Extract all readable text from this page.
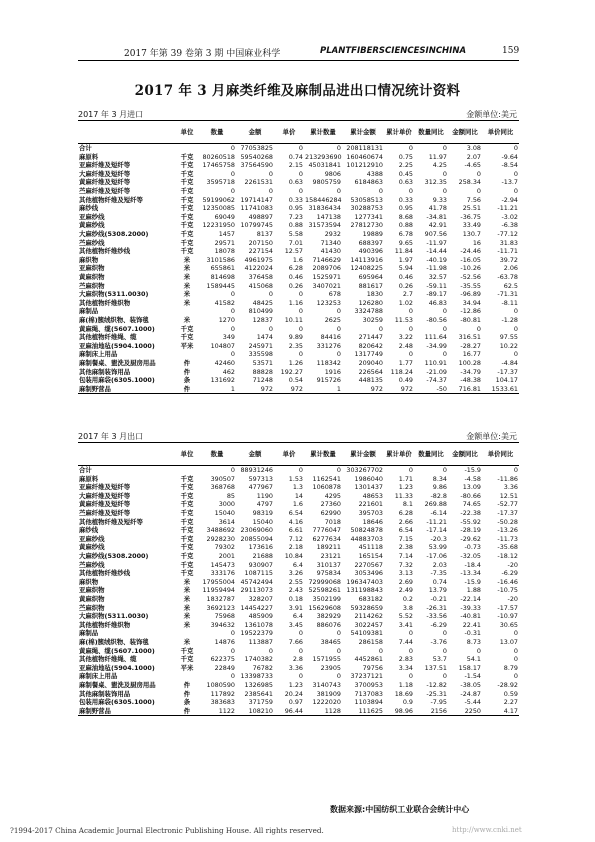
2017 年第 39 卷第 3 期 中国麻业科学	PLANTFIBERSCIENCESINCHINA	159
2017 年 3 月麻类纤维及麻制品进出口情况统计资料
2017 年 3 月进口	金额单位:美元
	单位	数量	金额	单价	累计数量	累计金额	累计单价	数量同比	金额同比	单价同比
合计		0	77053825	0	0	208118131	0	0	3.08	0
麻原料	千克	80260518	59540268	0.74	213293690	160460674	0.75	11.97	2.07	-9.64
亚麻纤维及短纤等	千克	17465758	37564590	2.15	45031841	101212910	2.25	4.25	-4.65	-8.54
大麻纤维及短纤等	千克	0	0	0	9806	4388	0.45	0	0	0
黄麻纤维及短纤等	千克	3595718	2261531	0.63	9805759	6184863	0.63	312.35	258.34	-13.7
苎麻纤维及短纤等	千克	0	0	0	0	0	0	0	0	0
其他植物纤维及短纤等	千克	59199062	19714147	0.33	158446284	53058513	0.33	9.33	7.56	-2.94
麻纱线	千克	12350085	11741083	0.95	31836434	30288753	0.95	41.78	25.51	-11.21
亚麻纱线	千克	69049	498897	7.23	147138	1277341	8.68	-34.81	-36.75	-3.02
黄麻纱线	千克	12231950	10799745	0.88	31573594	27812730	0.88	42.91	33.49	-6.38
大麻纱线(5308.2000)	千克	1457	8137	5.58	2932	19889	6.78	907.56	130.7	-77.12
苎麻纱线	千克	29571	207150	7.01	71340	688397	9.65	-11.97	16	31.83
其他植物纤维纱线	千克	18078	227154	12.57	41430	490396	11.84	-14.44	-24.46	-11.71
麻织物	米	3101586	4961975	1.6	7146629	14113916	1.97	-40.19	-16.05	39.72
亚麻织物	米	655861	4122024	6.28	2089706	12408225	5.94	-11.98	-10.26	2.06
黄麻织物	米	814698	376458	0.46	1525971	695964	0.46	32.57	-52.56	-63.78
苎麻织物	米	1589445	415068	0.26	3407021	881617	0.26	-59.11	-35.55	62.5
大麻织物(5311.0030)	米	0	0	0	678	1830	2.7	-89.17	-96.89	-71.31
其他植物纤维织物	米	41582	48425	1.16	123253	126280	1.02	46.83	34.94	-8.11
麻制品		0	810499	0	0	3324788	0	0	-12.86	0
麻(棉)簇绒织物、装饰毯	米	1270	12837	10.11	2625	30259	11.53	-80.56	-80.81	-1.28
黄麻绳、缆(5607.1000)	千克	0	0	0	0	0	0	0	0	0
其他植物纤维绳、缆	千克	349	1474	9.89	84416	271447	3.22	111.64	316.51	97.55
亚麻油地毡(5904.1000)	平米	104807	245971	2.35	331276	820642	2.48	-34.99	-28.27	10.22
麻制床上用品		0	335598	0	0	1317749	0	0	16.77	0
麻制餐桌、盥洗及厨房用品	件	42460	53571	1.26	118342	209040	1.77	110.91	100.28	-4.84
其他麻制装饰用品	件	462	88828	192.27	1916	226564	118.24	-21.09	-34.79	-17.37
包装用麻袋(6305.1000)	条	131692	71248	0.54	915726	448135	0.49	-74.37	-48.38	104.17
麻制野营品	件	1	972	972	1	972	972	-50	716.81	1533.61
2017 年 3 月出口	金额单位:美元
	单位	数量	金额	单价	累计数量	累计金额	累计单价	数量同比	金额同比	单价同比
合计		0	88931246	0	0	303267702	0	0	-15.9	0
麻原料	千克	390507	597313	1.53	1162541	1986040	1.71	8.34	-4.58	-11.86
亚麻纤维及短纤等	千克	368768	477967	1.3	1060878	1301437	1.23	9.86	13.09	3.36
大麻纤维及短纤等	千克	85	1190	14	4295	48653	11.33	-82.8	-80.66	12.51
黄麻纤维及短纤等	千克	3000	4797	1.6	27360	221601	8.1	269.88	74.65	-52.77
苎麻纤维及短纤等	千克	15040	98319	6.54	62990	395703	6.28	-6.14	-22.38	-17.37
其他植物纤维及短纤等	千克	3614	15040	4.16	7018	18646	2.66	-11.21	-55.92	-50.28
麻纱线	千克	3488692	23069060	6.61	7776047	50824878	6.54	-17.14	-28.19	-13.26
亚麻纱线	千克	2928230	20855094	7.12	6277634	44883703	7.15	-20.3	-29.62	-11.73
黄麻纱线	千克	79302	173616	2.18	189211	451118	2.38	53.99	-0.73	-35.68
大麻纱线(5308.2000)	千克	2001	21688	10.84	23121	165154	7.14	-17.06	-32.05	-18.12
苎麻纱线	千克	145473	930907	6.4	310137	2270567	7.32	2.03	-18.4	-20
其他植物纤维纱线	千克	333176	1087115	3.26	975834	3053496	3.13	-7.35	-13.34	-6.29
麻织物	米	17955004	45742494	2.55	72999068	196347403	2.69	0.74	-15.9	-16.46
亚麻织物	米	11959494	29113073	2.43	52598261	131198843	2.49	13.79	1.88	-10.75
黄麻织物	米	1832787	328207	0.18	3502199	683182	0.2	-0.21	-22.14	-20
苎麻织物	米	3692123	14454227	3.91	15629608	59328659	3.8	-26.31	-39.33	-17.57
大麻织物(5311.0030)	米	75968	485909	6.4	382929	2114262	5.52	-33.56	-40.81	-10.97
其他植物纤维织物	米	394632	1361078	3.45	886076	3022457	3.41	-6.29	22.41	30.65
麻制品		0	19522379	0	0	54109381	0	0	-0.31	0
麻(棉)簇绒织物、装饰毯	米	14876	113887	7.66	38465	286158	7.44	-3.76	8.73	13.07
黄麻绳、缆(5607.1000)	千克	0	0	0	0	0	0	0	0	0
其他植物纤维绳、缆	千克	622375	1740382	2.8	1571955	4452861	2.83	53.7	54.1	0
亚麻油地毡(5904.1000)	平米	22849	76782	3.36	23905	79756	3.34	137.51	158.17	8.79
麻制床上用品		0	13398733	0	0	37237121	0	0	-1.54	0
麻制餐桌、盥洗及厨房用品	件	1080590	1326985	1.23	3140743	3700953	1.18	-12.82	-38.05	-28.92
其他麻制装饰用品	件	117892	2385641	20.24	381909	7137083	18.69	-25.31	-24.87	0.59
包装用麻袋(6305.1000)	条	383683	371759	0.97	1222020	1103894	0.9	-7.95	-5.44	2.27
麻制野营品	件	1122	108210	96.44	1128	111625	98.96	2156	2250	4.17
数据来源:中国纺织工业联合会统计中心
?1994-2017 China Academic Journal Electronic Publishing House. All rights reserved.	http://www.cnki.net
